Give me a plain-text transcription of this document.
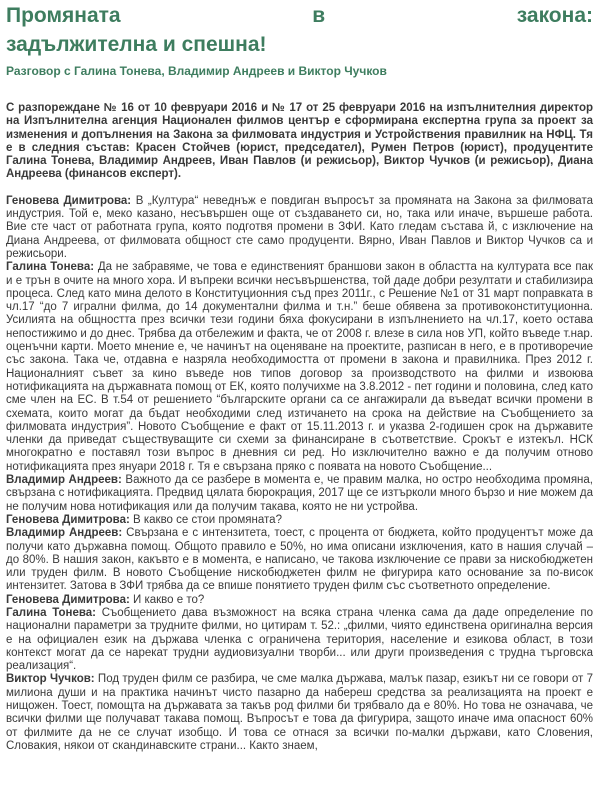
Промяната	в	закона:
задължителна и спешна!
Разговор с Галина Тонева, Владимир Андреев и Виктор Чучков

С разпореждане № 16 от 10 февруари 2016 и № 17 от 25 февруари 2016 на изпълнителния директор на Изпълнителна агенция Национален филмов център е сформирана експертна група за проект за изменения и допълнения на Закона за филмовата индустрия и Устройствения правилник на НФЦ. Тя е в следния състав: Красен Стойчев (юрист, председател), Румен Петров (юрист), продуцентите Галина Тонева, Владимир Андреев, Иван Павлов (и режисьор), Виктор Чучков (и режисьор), Диана Андреева (финансов експерт).

Геновева Димитрова: В „Култура“ неведнъж е повдиган въпросът за промяната на Закона за филмовата индустрия. Той е, меко казано, несъвършен още от създаването си, но, така или иначе, вършеше работа. Вие сте част от работната група, която подготвя промени в ЗФИ. Като гледам състава й, с изключение на Диана Андреева, от филмовата общност сте само продуценти. Вярно, Иван Павлов и Виктор Чучков са и режисьори.

Галина Тонева: Да не забравяме, че това е единственият браншови закон в областта на културата все пак и е трън в очите на много хора. И въпреки всички несъвършенства, той даде добри резултати и стабилизира процеса. След като мина делото в Конституционния съд през 2011г., с Решение №1 от 31 март поправката в чл.17 “до 7 игрални филма, до 14 документални филма и т.н.” беше обявена за противоконституционна. Усилията на общността през всички тези години бяха фокусирани в изпълнението на чл.17, което остава непостижимо и до днес. Трябва да отбележим и факта, че от 2008 г. влезе в сила нов УП, който въведе т.нар. оценъчни карти. Моето мнение е, че начинът на оценяване на проектите, разписан в него, е в противоречие със закона. Така че, отдавна е назряла необходимостта от промени в закона и правилника. През 2012 г. Националният съвет за кино въведе нов типов договор за производството на филми и извоюва нотификацията на държавната помощ от ЕК, която получихме на 3.8.2012 - пет години и половина, след като сме член на ЕС. В т.54 от решението “българските органи са се ангажирали да въведат всички промени в схемата, които могат да бъдат необходими след изтичането на срока на действие на Съобщението за филмовата индустрия”. Новото Съобщение е факт от 15.11.2013 г. и указва 2-годишен срок на държавите членки да приведат съществуващите си схеми за финансиране в съответствие. Срокът е изтекъл. НСК многократно е поставял този въпрос в дневния си ред. Но изключително важно е да получим отново нотификацията през януари 2018 г. Тя е свързана пряко с появата на новото Съобщение...

Владимир Андреев: Важното да се разбере в момента е, че правим малка, но остро необходима промяна, свързана с нотификацията. Предвид цялата бюрокрация, 2017 ще се изтърколи много бързо и ние можем да не получим нова нотификация или да получим такава, която не ни устройва.

Геновева Димитрова: В какво се стои промяната?

Владимир Андреев: Свързана е с интензитета, тоест, с процента от бюджета, който продуцентът може да получи като държавна помощ. Общото правило е 50%, но има описани изключения, като в нашия случай – до 80%. В нашия закон, какъвто е в момента, е написано, че такова изключение се прави за нискобюджетен или труден филм. В новото Съобщение нискобюджетен филм не фигурира като основание за по-висок интензитет. Затова в ЗФИ трябва да се впише понятието труден филм със съответното определение.

Геновева Димитрова: И какво е то?

Галина Тонева: Съобщението дава възможност на всяка страна членка сама да даде определение по национални параметри за трудните филми, но цитирам т. 52.: „филми, чиято единствена оригинална версия е на официален език на държава членка с ограничена територия, население и езикова област, в този контекст могат да се нарекат трудни аудиовизуални творби... или други произведения с трудна търговска реализация“.

Виктор Чучков: Под труден филм се разбира, че сме малка държава, малък пазар, езикът ни се говори от 7 милиона души и на практика начинът чисто пазарно да набереш средства за реализацията на проект е нищожен. Тоест, помощта на държавата за такъв род филми би трябвало да е 80%. Но това не означава, че всички филми ще получават такава помощ. Въпросът е това да фигурира, защото иначе има опасност 60% от филмите да не се случат изобщо. И това се отнася за всички по-малки държави, като Словения, Словакия, някои от скандинавските страни... Както знаем,
